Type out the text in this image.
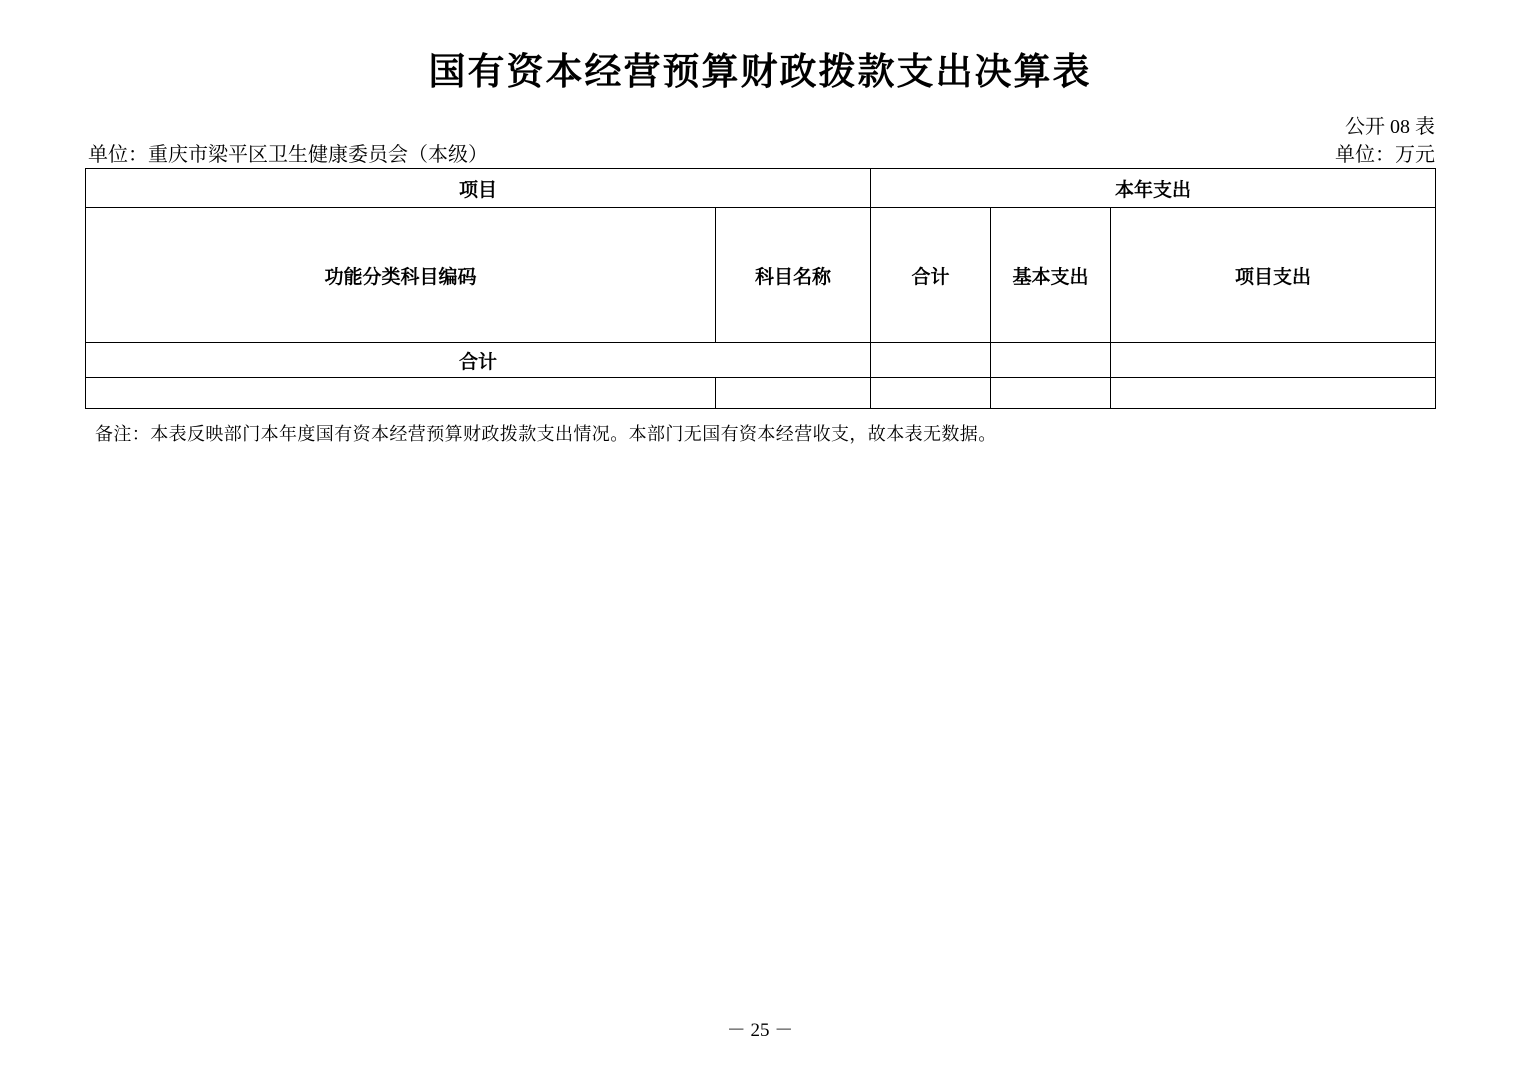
国有资本经营预算财政拨款支出决算表
公开 08 表
单位：重庆市梁平区卫生健康委员会（本级）	单位：万元
项目		本年支出		
功能分类科目编码	科目名称	合计	基本支出	项目支出
合计				

备注：本表反映部门本年度国有资本经营预算财政拨款支出情况。本部门无国有资本经营收支，故本表无数据。
－ 25 －
